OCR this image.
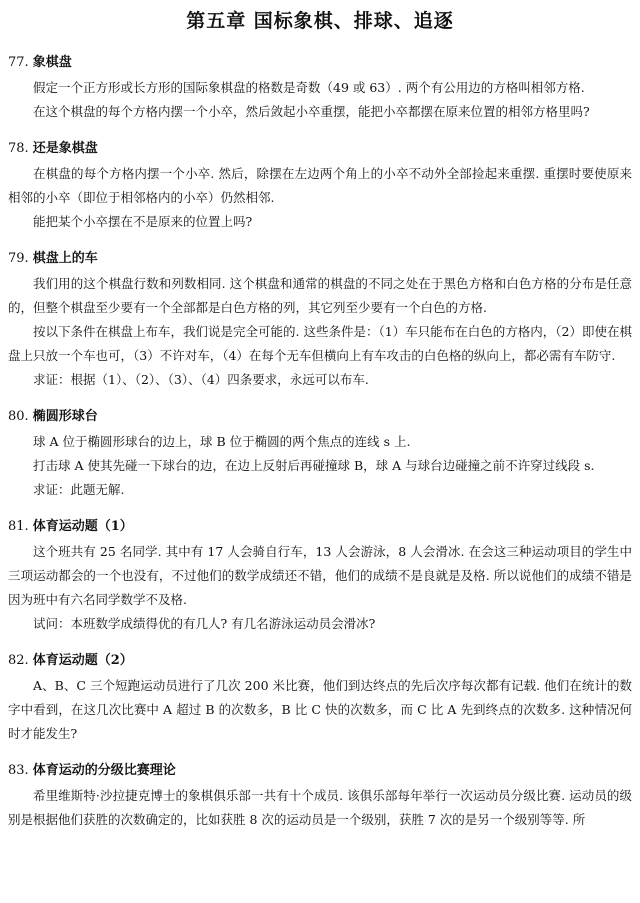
第五章 国标象棋、排球、追逐
77. 象棋盘

假定一个正方形或长方形的国际象棋盘的格数是奇数（49 或 63）. 两个有公用边的方格叫相邻方格.

在这个棋盘的每个方格内摆一个小卒，然后敛起小卒重摆，能把小卒都摆在原来位置的相邻方格里吗?

78. 还是象棋盘

在棋盘的每个方格内摆一个小卒. 然后，除摆在左边两个角上的小卒不动外全部捡起来重摆. 重摆时要使原来相邻的小卒（即位于相邻格内的小卒）仍然相邻.

能把某个小卒摆在不是原来的位置上吗?

79. 棋盘上的车

我们用的这个棋盘行数和列数相同. 这个棋盘和通常的棋盘的不同之处在于黑色方格和白色方格的分布是任意的，但整个棋盘至少要有一个全部都是白色方格的列，其它列至少要有一个白色的方格.

按以下条件在棋盘上布车，我们说是完全可能的. 这些条件是：（1）车只能布在白色的方格内，（2）即使在棋盘上只放一个车也可，（3）不许对车，（4）在每个无车但横向上有车攻击的白色格的纵向上，都必需有车防守.

求证：根据（1）、（2）、（3）、（4）四条要求，永远可以布车.

80. 椭圆形球台

球 A 位于椭圆形球台的边上，球 B 位于椭圆的两个焦点的连线 s 上.

打击球 A 使其先碰一下球台的边，在边上反射后再碰撞球 B，球 A 与球台边碰撞之前不许穿过线段 s.

求证：此题无解.

81. 体育运动题（1）

这个班共有 25 名同学. 其中有 17 人会骑自行车，13 人会游泳，8 人会滑冰. 在会这三种运动项目的学生中三项运动都会的一个也没有，不过他们的数学成绩还不错，他们的成绩不是良就是及格. 所以说他们的成绩不错是因为班中有六名同学数学不及格.

试问：本班数学成绩得优的有几人? 有几名游泳运动员会滑冰?

82. 体育运动题（2）

A、B、C 三个短跑运动员进行了几次 200 米比赛，他们到达终点的先后次序每次都有记载. 他们在统计的数字中看到，在这几次比赛中 A 超过 B 的次数多，B 比 C 快的次数多，而 C 比 A 先到终点的次数多. 这种情况何时才能发生?

83. 体育运动的分级比赛理论

希里维斯特·沙拉捷克博士的象棋俱乐部一共有十个成员. 该俱乐部每年举行一次运动员分级比赛. 运动员的级别是根据他们获胜的次数确定的，比如获胜 8 次的运动员是一个级别，获胜 7 次的是另一个级别等等. 所
